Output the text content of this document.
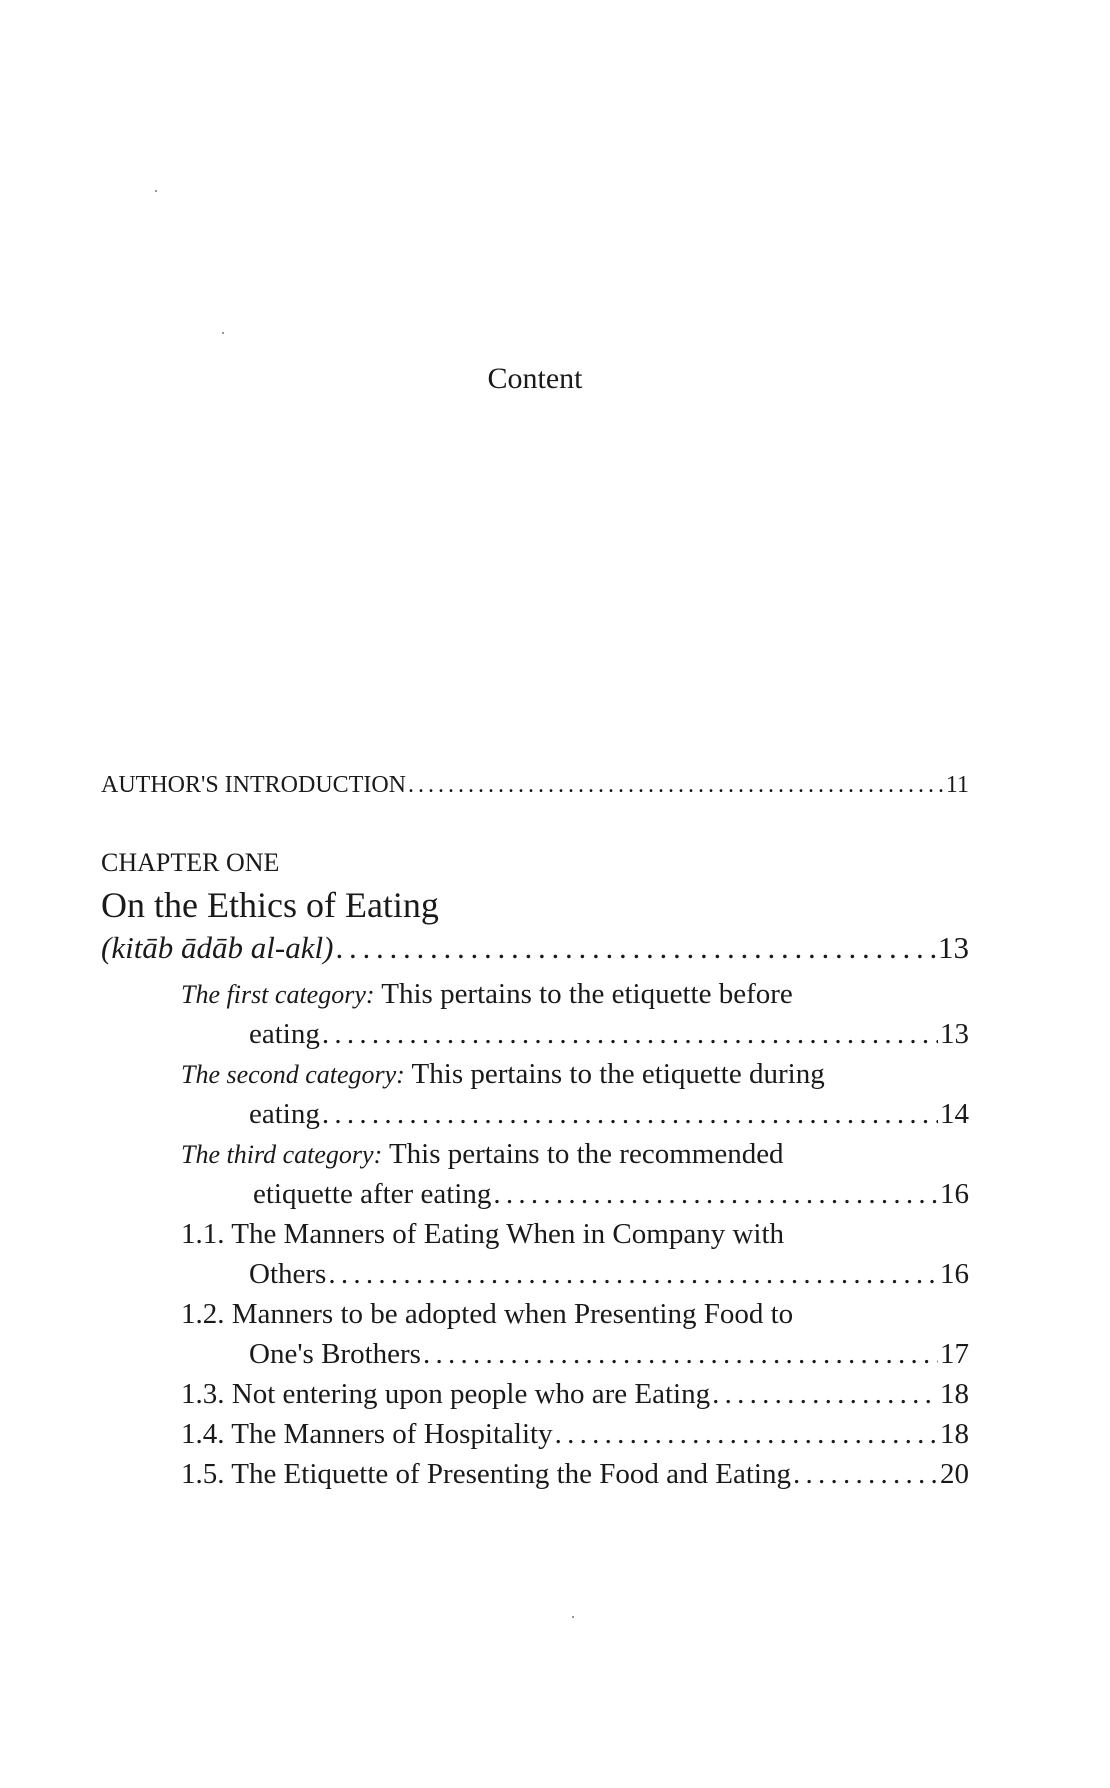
Content
AUTHOR'S INTRODUCTION . . .	11
CHAPTER ONE
On the Ethics of Eating
(kitāb ādāb al-akl) . . .	13
The first category: This pertains to the etiquette before
eating . . .	13
The second category: This pertains to the etiquette during
eating . . .	14
The third category: This pertains to the recommended
etiquette after eating . . .	16
1.1. The Manners of Eating When in Company with
Others . . .	16
1.2. Manners to be adopted when Presenting Food to
One's Brothers . . .	17
1.3. Not entering upon people who are Eating . . .	18
1.4. The Manners of Hospitality . . .	18
1.5. The Etiquette of Presenting the Food and Eating . . .	20
